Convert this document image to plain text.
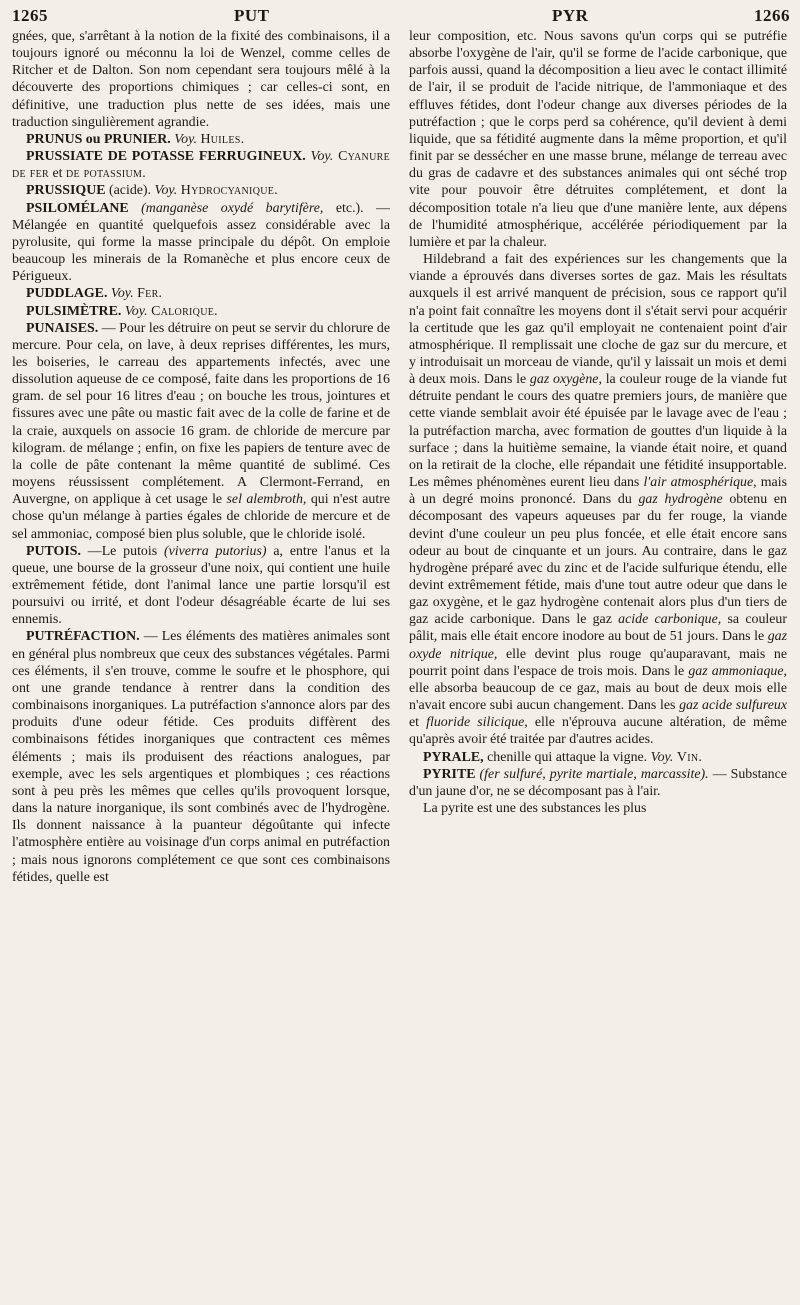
1265	PUT	PYR	1266

gnées, que, s'arrêtant à la notion de la fixité des combinaisons, il a toujours ignoré ou méconnu la loi de Wenzel, comme celles de Ritcher et de Dalton. Son nom cependant sera toujours mêlé à la découverte des proportions chimiques ; car celles-ci sont, en définitive, une traduction plus nette de ses idées, mais une traduction singulièrement agrandie.

PRUNUS ou PRUNIER. Voy. Huiles.

PRUSSIATE DE POTASSE FERRUGINEUX. Voy. Cyanure de fer et de potassium.

PRUSSIQUE (acide). Voy. Hydrocyanique.

PSILOMÉLANE (manganèse oxydé barytifère, etc.). — Mélangée en quantité quelquefois assez considérable avec la pyrolusite, qui forme la masse principale du dépôt. On emploie beaucoup les minerais de la Romanèche et plus encore ceux de Périgueux.

PUDDLAGE. Voy. Fer.

PULSIMÈTRE. Voy. Calorique.

PUNAISES. — Pour les détruire on peut se servir du chlorure de mercure. Pour cela, on lave, à deux reprises différentes, les murs, les boiseries, le carreau des appartements infectés, avec une dissolution aqueuse de ce composé, faite dans les proportions de 16 gram. de sel pour 16 litres d'eau ; on bouche les trous, jointures et fissures avec une pâte ou mastic fait avec de la colle de farine et de la craie, auxquels on associe 16 gram. de chloride de mercure par kilogram. de mélange ; enfin, on fixe les papiers de tenture avec de la colle de pâte contenant la même quantité de sublimé. Ces moyens réussissent complétement. A Clermont-Ferrand, en Auvergne, on applique à cet usage le sel alembroth, qui n'est autre chose qu'un mélange à parties égales de chloride de mercure et de sel ammoniac, composé bien plus soluble, que le chloride isolé.

PUTOIS. —Le putois (viverra putorius) a, entre l'anus et la queue, une bourse de la grosseur d'une noix, qui contient une huile extrêmement fétide, dont l'animal lance une partie lorsqu'il est poursuivi ou irrité, et dont l'odeur désagréable écarte de lui ses ennemis.

PUTRÉFACTION. — Les éléments des matières animales sont en général plus nombreux que ceux des substances végétales. Parmi ces éléments, il s'en trouve, comme le soufre et le phosphore, qui ont une grande tendance à rentrer dans la condition des combinaisons inorganiques. La putréfaction s'annonce alors par des produits d'une odeur fétide. Ces produits diffèrent des combinaisons fétides inorganiques que contractent ces mêmes éléments ; mais ils produisent des réactions analogues, par exemple, avec les sels argentiques et plombiques ; ces réactions sont à peu près les mêmes que celles qu'ils provoquent lorsque, dans la nature inorganique, ils sont combinés avec de l'hydrogène. Ils donnent naissance à la puanteur dégoûtante qui infecte l'atmosphère entière au voisinage d'un corps animal en putréfaction ; mais nous ignorons complétement ce que sont ces combinaisons fétides, quelle est

leur composition, etc. Nous savons qu'un corps qui se putréfie absorbe l'oxygène de l'air, qu'il se forme de l'acide carbonique, que parfois aussi, quand la décomposition a lieu avec le contact illimité de l'air, il se produit de l'acide nitrique, de l'ammoniaque et des effluves fétides, dont l'odeur change aux diverses périodes de la putréfaction ; que le corps perd sa cohérence, qu'il devient à demi liquide, que sa fétidité augmente dans la même proportion, et qu'il finit par se dessécher en une masse brune, mélange de terreau avec du gras de cadavre et des substances animales qui ont séché trop vite pour pouvoir être détruites complétement, et dont la décomposition totale n'a lieu que d'une manière lente, aux dépens de l'humidité atmosphérique, accélérée périodiquement par la lumière et par la chaleur.

Hildebrand a fait des expériences sur les changements que la viande a éprouvés dans diverses sortes de gaz. Mais les résultats auxquels il est arrivé manquent de précision, sous ce rapport qu'il n'a point fait connaître les moyens dont il s'était servi pour acquérir la certitude que les gaz qu'il employait ne contenaient point d'air atmosphérique. Il remplissait une cloche de gaz sur du mercure, et y introduisait un morceau de viande, qu'il y laissait un mois et demi à deux mois. Dans le gaz oxygène, la couleur rouge de la viande fut détruite pendant le cours des quatre premiers jours, de manière que cette viande semblait avoir été épuisée par le lavage avec de l'eau ; la putréfaction marcha, avec formation de gouttes d'un liquide à la surface ; dans la huitième semaine, la viande était noire, et quand on la retirait de la cloche, elle répandait une fétidité insupportable. Les mêmes phénomènes eurent lieu dans l'air atmosphérique, mais à un degré moins prononcé. Dans du gaz hydrogène obtenu en décomposant des vapeurs aqueuses par du fer rouge, la viande devint d'une couleur un peu plus foncée, et elle était encore sans odeur au bout de cinquante et un jours. Au contraire, dans le gaz hydrogène préparé avec du zinc et de l'acide sulfurique étendu, elle devint extrêmement fétide, mais d'une tout autre odeur que dans le gaz oxygène, et le gaz hydrogène contenait alors plus d'un tiers de gaz acide carbonique. Dans le gaz acide carbonique, sa couleur pâlit, mais elle était encore inodore au bout de 51 jours. Dans le gaz oxyde nitrique, elle devint plus rouge qu'auparavant, mais ne pourrit point dans l'espace de trois mois. Dans le gaz ammoniaque, elle absorba beaucoup de ce gaz, mais au bout de deux mois elle n'avait encore subi aucun changement. Dans les gaz acide sulfureux et fluoride silicique, elle n'éprouva aucune altération, de même qu'après avoir été traitée par d'autres acides.

PYRALE, chenille qui attaque la vigne. Voy. Vin.

PYRITE (fer sulfuré, pyrite martiale, marcassite). — Substance d'un jaune d'or, ne se décomposant pas à l'air.

La pyrite est une des substances les plus
